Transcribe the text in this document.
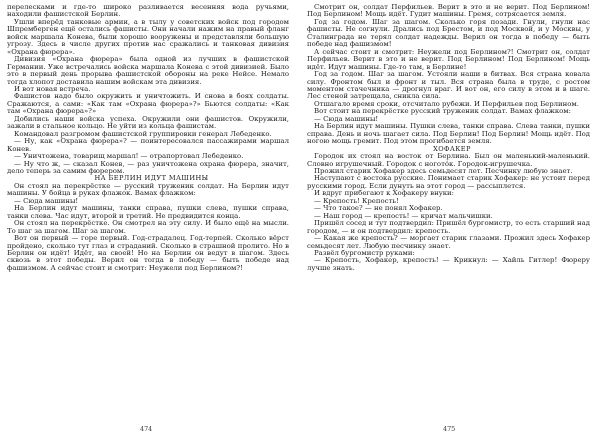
перелесками и где-то широко разливается весенняя вода ручьями, находили фашистской Берлин.

Ушли вперёд танковые армии, а в тылу у советских войск под городом Шпремберген ещё остались фашисты. Они начали нажим на правый фланг войск маршала Конева, были хорошо вооружены и представляли большую угрозу. Здесь в числе других против нас сражались и танковая дивизия «Охрана фюрера».

Дивизия «Охрана фюрера» была одной из лучших в фашистской Германии. Уже встречались войска маршала Конева с этой дивизией. Было это в первый день прорыва фашистской обороны на реке Нейсе. Немало тогда хлопот доставила нашим войскам эта дивизия.

И вот новая встреча.

Фашистов надо было окружить и уничтожить. И снова в боях солдаты. Сражаются, а сами: «Как там «Охрана фюрера»?» Бьются солдаты: «Как там «Охрана фюрера»?»

Добились наши войска успеха. Окружили они фашистов. Окружили, зажали в стальное кольцо. Не уйти из кольца фашистам.

Командовал разгромом фашистской группировки генерал Лебеденко.

— Ну, как «Охрана фюрера»? — поинтересовался пассажирами маршал Конев.

— Уничтожена, товарищ маршал! — отрапортовал Лебеденко.

— Ну что ж, — сказал Конев, — раз уничтожена охрана фюрера, значит, дело теперь за самим фюрером.

НА БЕРЛИН ИДУТ МАШИНЫ

Он стоял на перекрёстке — русский труженик солдат. На Берлин идут машины. У бойца в руках флажок. Вамах флажком:

— Сюда машины!

На Берлин идут машины, танки справа, пушки слева, пушки справа, танки слева. Час идут, второй и третий. Не предвидится конца.

Он стоял на перекрёстке. Он смотрел на эту силу. И было ещё на мысли. То шаг за шагом. Шаг за шагом.

Вот он первый — горе первый. Год-страдалец. Год-терпей. Сколько вёрст пройдено, сколько тут глаз и страданий. Сколько в страшной пролито. Но в Берлин он идёт! Идёт, на своей! Но на Берлин он ведут в шагом. Здесь сквозь в этот победы. Верил он тогда в победу — быть победе над фашизмом. А сейчас стоит и смотрит: Неужели под Берлином?!

Смотрит он, солдат Перфильев. Верит в это и не верит. Под Берлином! Под Берлином! Мощь идёт. Гудит машины. Гремя, сотрясается земля.

Год за годом. Шаг за шагом. Сколько горя позади. Гнули, гнули нас фашисты. Не согнули. Дрались под Брестом, и под Москвой, и у Москвы, у Сталинграда не терял солдат надежды. Верил он тогда в победу — быть победе над фашизмом!

А сейчас стоит и смотрит: Неужели под Берлином?! Смотрит он, солдат Перфильев. Верит в это и не верит. Под Берлином! Под Берлином! Мощь идёт. Идут машины. Где-то там, в Берлине!

Год за годом. Шаг за шагом. Устояли наши в битвах. Вся страна ковала силу. Фронтом был и фронт и тыл. Вся страна была в труде, с ростом моментом стачечника — дрогнул враг. И вот он, его силу в этом и в шаге. Лес стеной затрещала, сникла сила.

Отшагало время сроки, отсчитало рубежи. И Перфильев под Берлином.

Вот стоит на перекрёстке русский труженик солдат. Вамах флажком:

— Сюда машины!

На Берлин идут машины. Пушки слева, танки справа. Слева танки, пушки справа. День и ночь шагает сила. Под Берлин! Под Берлин! Мощь идёт. Под ногою мощь гремит. Под этом прогибается земля.

ХОФАКЕР

Городок их стоял на восток от Берлина. Был он маленький-маленький. Словно игрушечный. Городок с ногото́к. Городок-игрушечка.

Прожил старик Хофакер здесь семьдесят лет. Песчинку любую знает.

Наступают с востока русские. Понимает старик Хофакер: не устоит перед русскими город. Если дунуть на этот город — рассыплется.

И вдруг прибегают к Хофакеру внуки:

— Крепость! Крепость!

— Что такое? — не понял Хофакер.

— Наш город — крепость! — кричат мальчишки.

Пришёл сосед и тут подтвердил: Пришёл бургомистр, то есть старший над городом, — и он подтвердил: крепость.

— Какая же крепость? — моргает старик глазами. Прожил здесь Хофакер семьдесят лет. Любую песчинку знает.

Развёл бургомистр руками:

— Крепость, Хофакер, крепость! — Крикнул: — Хайль Гитлер! Фюреру лучше знать.

474	475
